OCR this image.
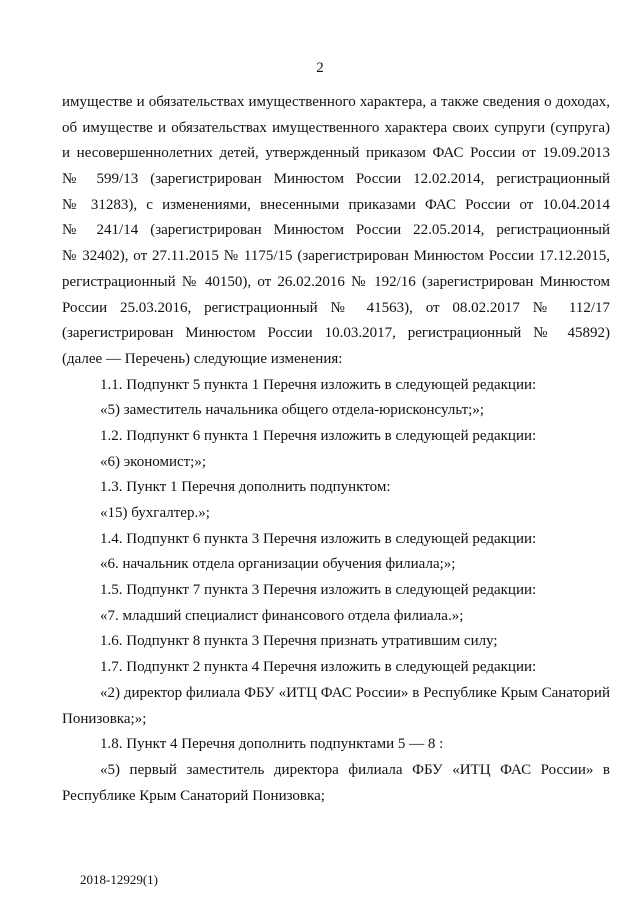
2
имуществе и обязательствах имущественного характера, а также сведения о доходах,
об имуществе и обязательствах имущественного характера своих супруги (супруга)
и несовершеннолетних детей, утвержденный приказом ФАС России от 19.09.2013
№ 599/13 (зарегистрирован Минюстом России 12.02.2014, регистрационный
№ 31283), с изменениями, внесенными приказами ФАС России от 10.04.2014
№ 241/14 (зарегистрирован Минюстом России 22.05.2014, регистрационный
№ 32402), от 27.11.2015 № 1175/15 (зарегистрирован Минюстом России 17.12.2015,
регистрационный № 40150), от 26.02.2016 № 192/16 (зарегистрирован Минюстом
России 25.03.2016, регистрационный № 41563), от 08.02.2017 № 112/17
(зарегистрирован Минюстом России 10.03.2017, регистрационный № 45892)
(далее — Перечень) следующие изменения:
1.1. Подпункт 5 пункта 1 Перечня изложить в следующей редакции:
«5) заместитель начальника общего отдела-юрисконсульт;»;
1.2. Подпункт 6 пункта 1 Перечня изложить в следующей редакции:
«6) экономист;»;
1.3. Пункт 1 Перечня дополнить подпунктом:
«15) бухгалтер.»;
1.4. Подпункт 6 пункта 3 Перечня изложить в следующей редакции:
«6. начальник отдела организации обучения филиала;»;
1.5. Подпункт 7 пункта 3 Перечня изложить в следующей редакции:
«7. младший специалист финансового отдела филиала.»;
1.6. Подпункт 8 пункта 3 Перечня признать утратившим силу;
1.7. Подпункт 2 пункта 4 Перечня изложить в следующей редакции:
«2) директор филиала ФБУ «ИТЦ ФАС России» в Республике Крым Санаторий
Понизовка;»;
1.8. Пункт 4 Перечня дополнить подпунктами 5 — 8 :
«5) первый заместитель директора филиала ФБУ «ИТЦ ФАС России» в
Республике Крым Санаторий Понизовка;
2018-12929(1)
